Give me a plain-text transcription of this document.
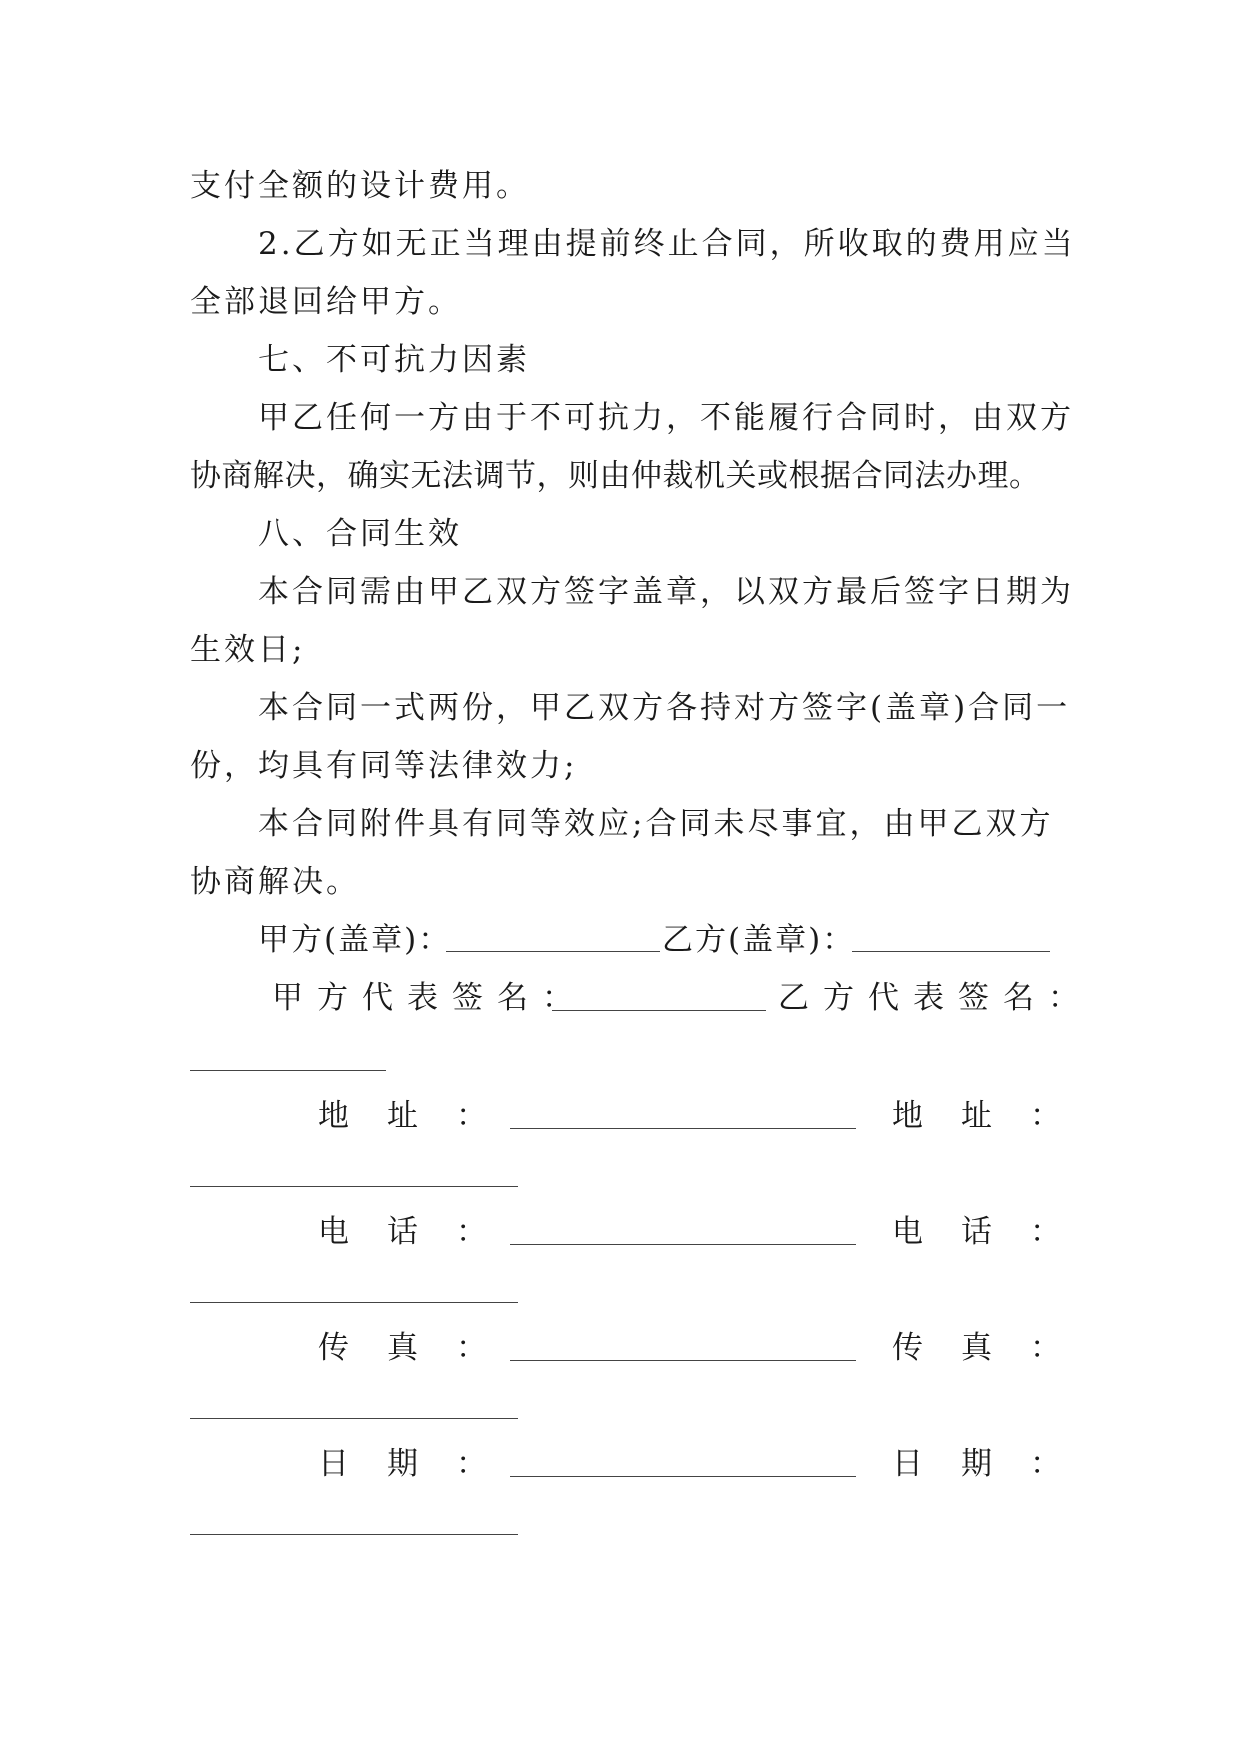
支付全额的设计费用。
2.乙方如无正当理由提前终止合同，所收取的费用应当
全部退回给甲方。
七、不可抗力因素
甲乙任何一方由于不可抗力，不能履行合同时，由双方
协商解决，确实无法调节，则由仲裁机关或根据合同法办理。
八、合同生效
本合同需由甲乙双方签字盖章，以双方最后签字日期为
生效日;
本合同一式两份，甲乙双方各持对方签字(盖章)合同一
份，均具有同等法律效力;
本合同附件具有同等效应;合同未尽事宜，由甲乙双方
协商解决。
甲方(盖章)：	乙方(盖章)：
甲方代表签名：	乙方代表签名：
地址：	地址：
电话：	电话：
传真：	传真：
日期：	日期：
